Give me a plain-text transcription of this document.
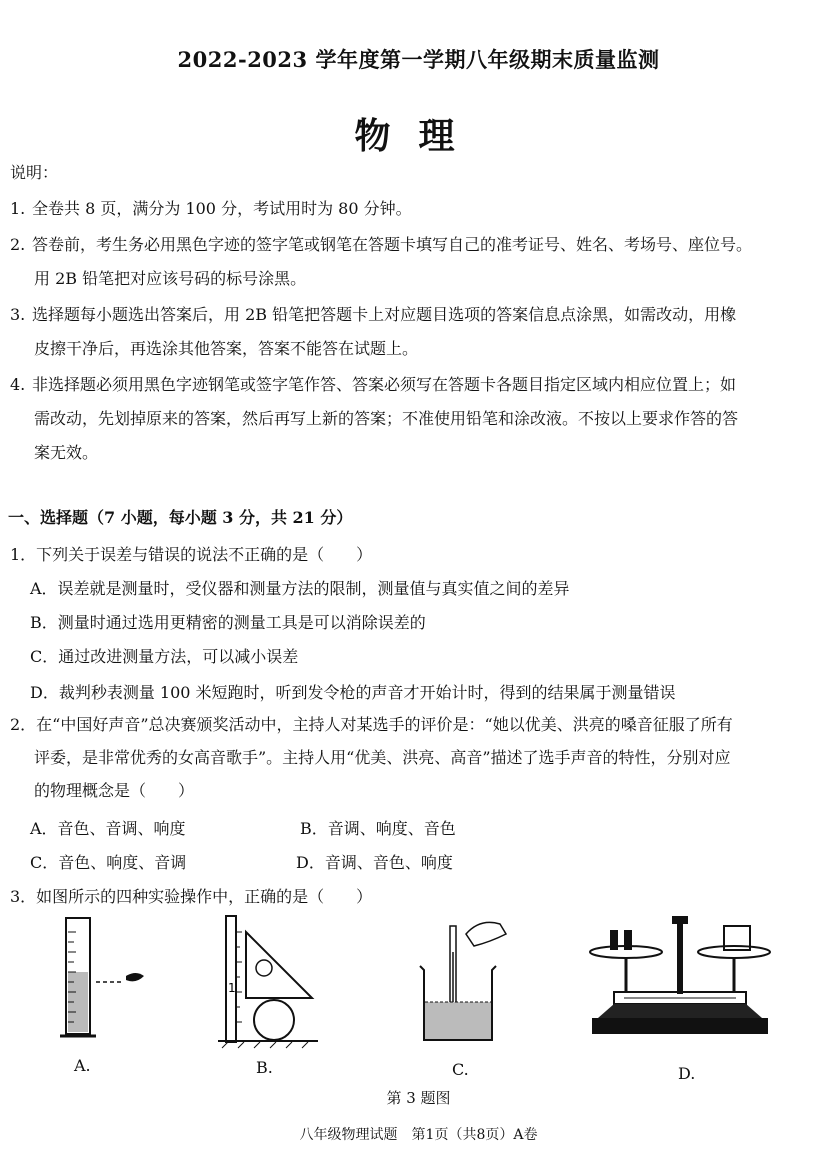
2022-2023 学年度第一学期八年级期末质量监测
物理
说明：
1. 全卷共 8 页，满分为 100 分，考试用时为 80 分钟。
2. 答卷前，考生务必用黑色字迹的签字笔或钢笔在答题卡填写自己的准考证号、姓名、考场号、座位号。
用 2B 铅笔把对应该号码的标号涂黑。
3. 选择题每小题选出答案后，用 2B 铅笔把答题卡上对应题目选项的答案信息点涂黑，如需改动，用橡
皮擦干净后，再选涂其他答案，答案不能答在试题上。
4. 非选择题必须用黑色字迹钢笔或签字笔作答、答案必须写在答题卡各题目指定区域内相应位置上；如
需改动，先划掉原来的答案，然后再写上新的答案；不准使用铅笔和涂改液。不按以上要求作答的答
案无效。
一、选择题（7 小题，每小题 3 分，共 21 分）
1．下列关于误差与错误的说法不正确的是（　　）
A．误差就是测量时，受仪器和测量方法的限制，测量值与真实值之间的差异
B．测量时通过选用更精密的测量工具是可以消除误差的
C．通过改进测量方法，可以减小误差
D．裁判秒表测量 100 米短跑时，听到发令枪的声音才开始计时，得到的结果属于测量错误
2．在“中国好声音”总决赛颁奖活动中，主持人对某选手的评价是：“她以优美、洪亮的嗓音征服了所有
评委，是非常优秀的女高音歌手”。主持人用“优美、洪亮、高音”描述了选手声音的特性，分别对应
的物理概念是（　　）
A．音色、音调、响度	B．音调、响度、音色
C．音色、响度、音调	D．音调、音色、响度
3．如图所示的四种实验操作中，正确的是（　　）
1
A.	B.	C.	D.
第 3 题图
八年级物理试题　第1页（共8页）A卷
